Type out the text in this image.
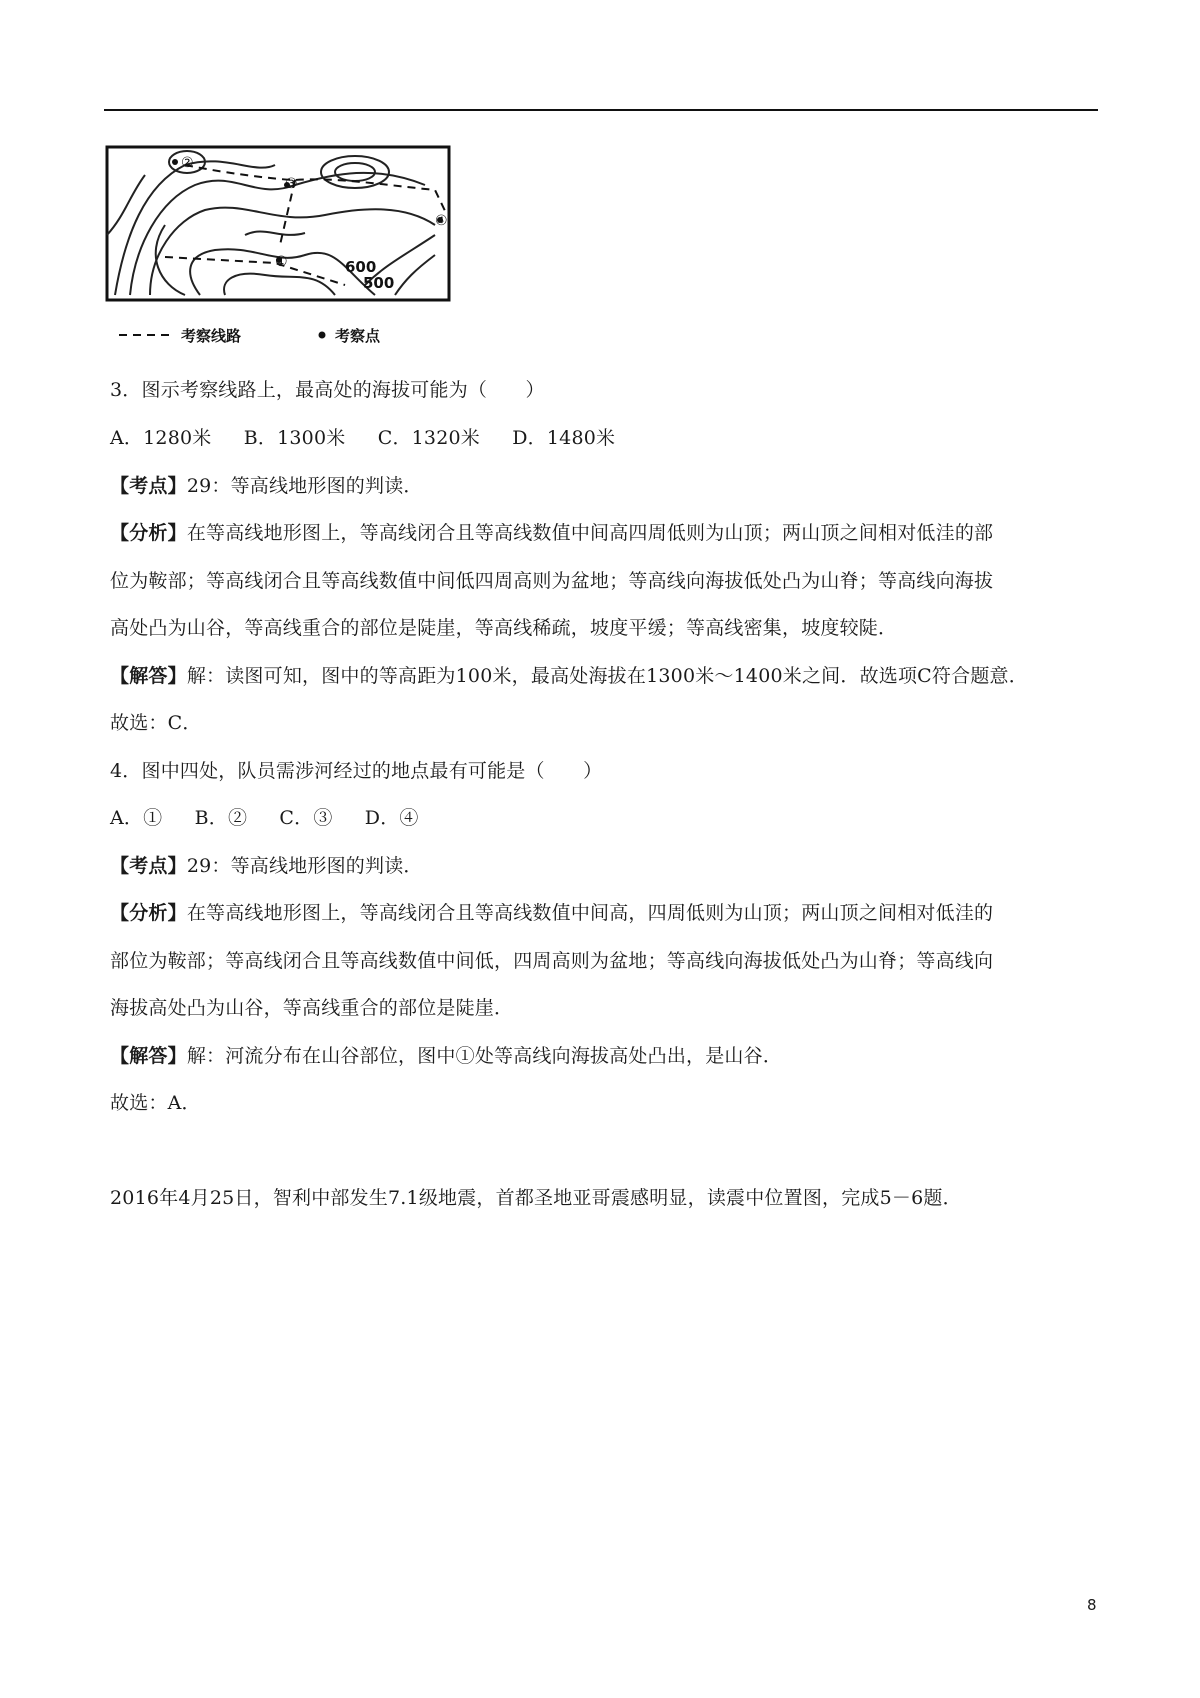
②
③
①
④
600
500
考察线路	考察点
3．图示考察线路上，最高处的海拔可能为（　　）
A．1280米 B．1300米 C．1320米 D．1480米
【考点】29：等高线地形图的判读．
【分析】在等高线地形图上，等高线闭合且等高线数值中间高四周低则为山顶；两山顶之间相对低洼的部
位为鞍部；等高线闭合且等高线数值中间低四周高则为盆地；等高线向海拔低处凸为山脊；等高线向海拔
高处凸为山谷，等高线重合的部位是陡崖，等高线稀疏，坡度平缓；等高线密集，坡度较陡．
【解答】解：读图可知，图中的等高距为100米，最高处海拔在1300米～1400米之间．故选项C符合题意．
故选：C．
4．图中四处，队员需涉河经过的地点最有可能是（　　）
A．① B．② C．③ D．④
【考点】29：等高线地形图的判读．
【分析】在等高线地形图上，等高线闭合且等高线数值中间高，四周低则为山顶；两山顶之间相对低洼的
部位为鞍部；等高线闭合且等高线数值中间低，四周高则为盆地；等高线向海拔低处凸为山脊；等高线向
海拔高处凸为山谷，等高线重合的部位是陡崖．
【解答】解：河流分布在山谷部位，图中①处等高线向海拔高处凸出，是山谷．
故选：A．
2016年4月25日，智利中部发生7.1级地震，首都圣地亚哥震感明显，读震中位置图，完成5－6题．
8
